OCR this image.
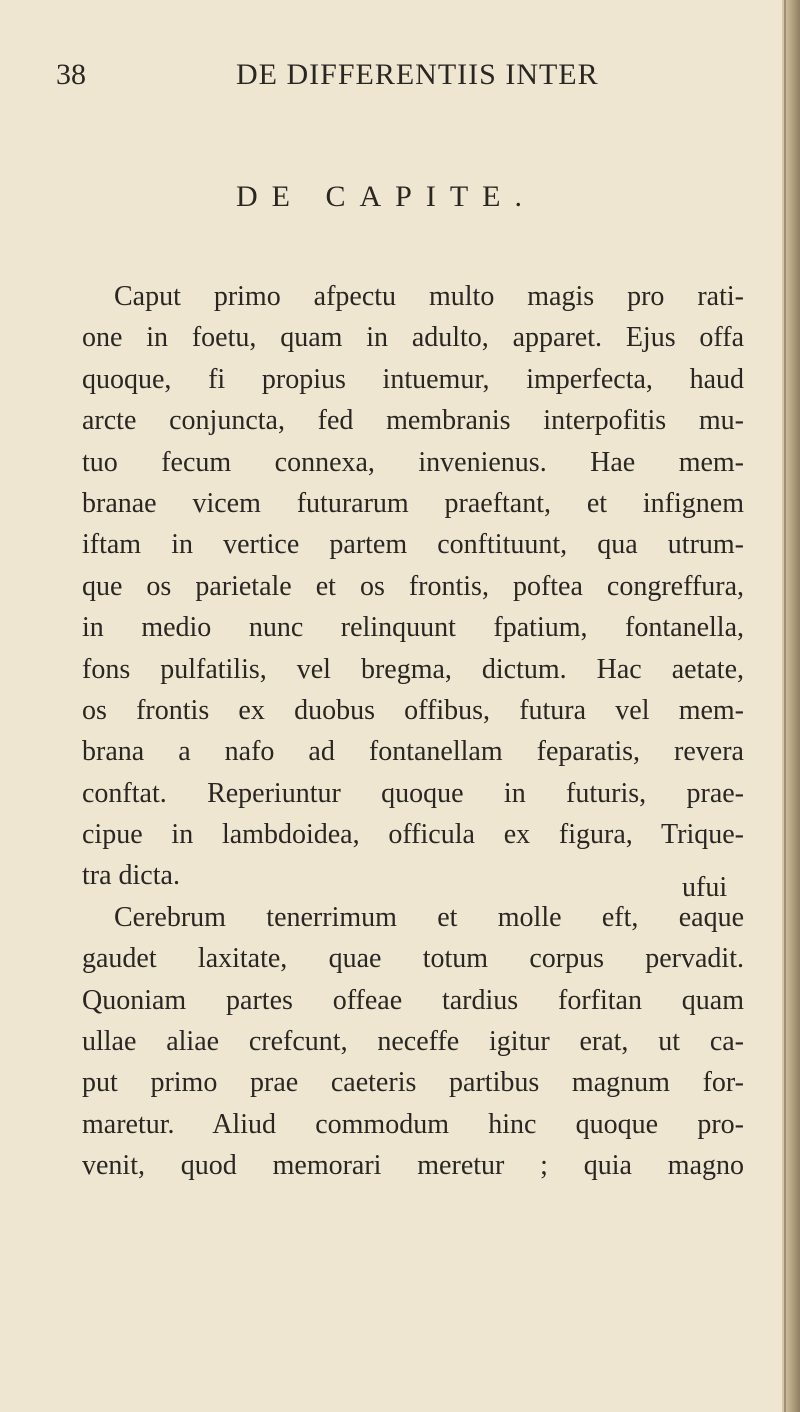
38	DE DIFFERENTIIS INTER
DE CAPITE.
Caput primo afpectu multo magis pro rati-
one in foetu, quam in adulto, apparet. Ejus offa
quoque, fi propius intuemur, imperfecta, haud
arcte conjuncta, fed membranis interpofitis mu-
tuo fecum connexa, invenienus. Hae mem-
branae vicem futurarum praeftant, et infignem
iftam in vertice partem conftituunt, qua utrum-
que os parietale et os frontis, poftea congreffura,
in medio nunc relinquunt fpatium, fontanella,
fons pulfatilis, vel bregma, dictum. Hac aetate,
os frontis ex duobus offibus, futura vel mem-
brana a nafo ad fontanellam feparatis, revera
conftat. Reperiuntur quoque in futuris, prae-
cipue in lambdoidea, officula ex figura, Trique-
tra dicta.
Cerebrum tenerrimum et molle eft, eaque
gaudet laxitate, quae totum corpus pervadit.
Quoniam partes offeae tardius forfitan quam
ullae aliae crefcunt, neceffe igitur erat, ut ca-
put primo prae caeteris partibus magnum for-
maretur. Aliud commodum hinc quoque pro-
venit, quod memorari meretur ; quia magno
ufui
